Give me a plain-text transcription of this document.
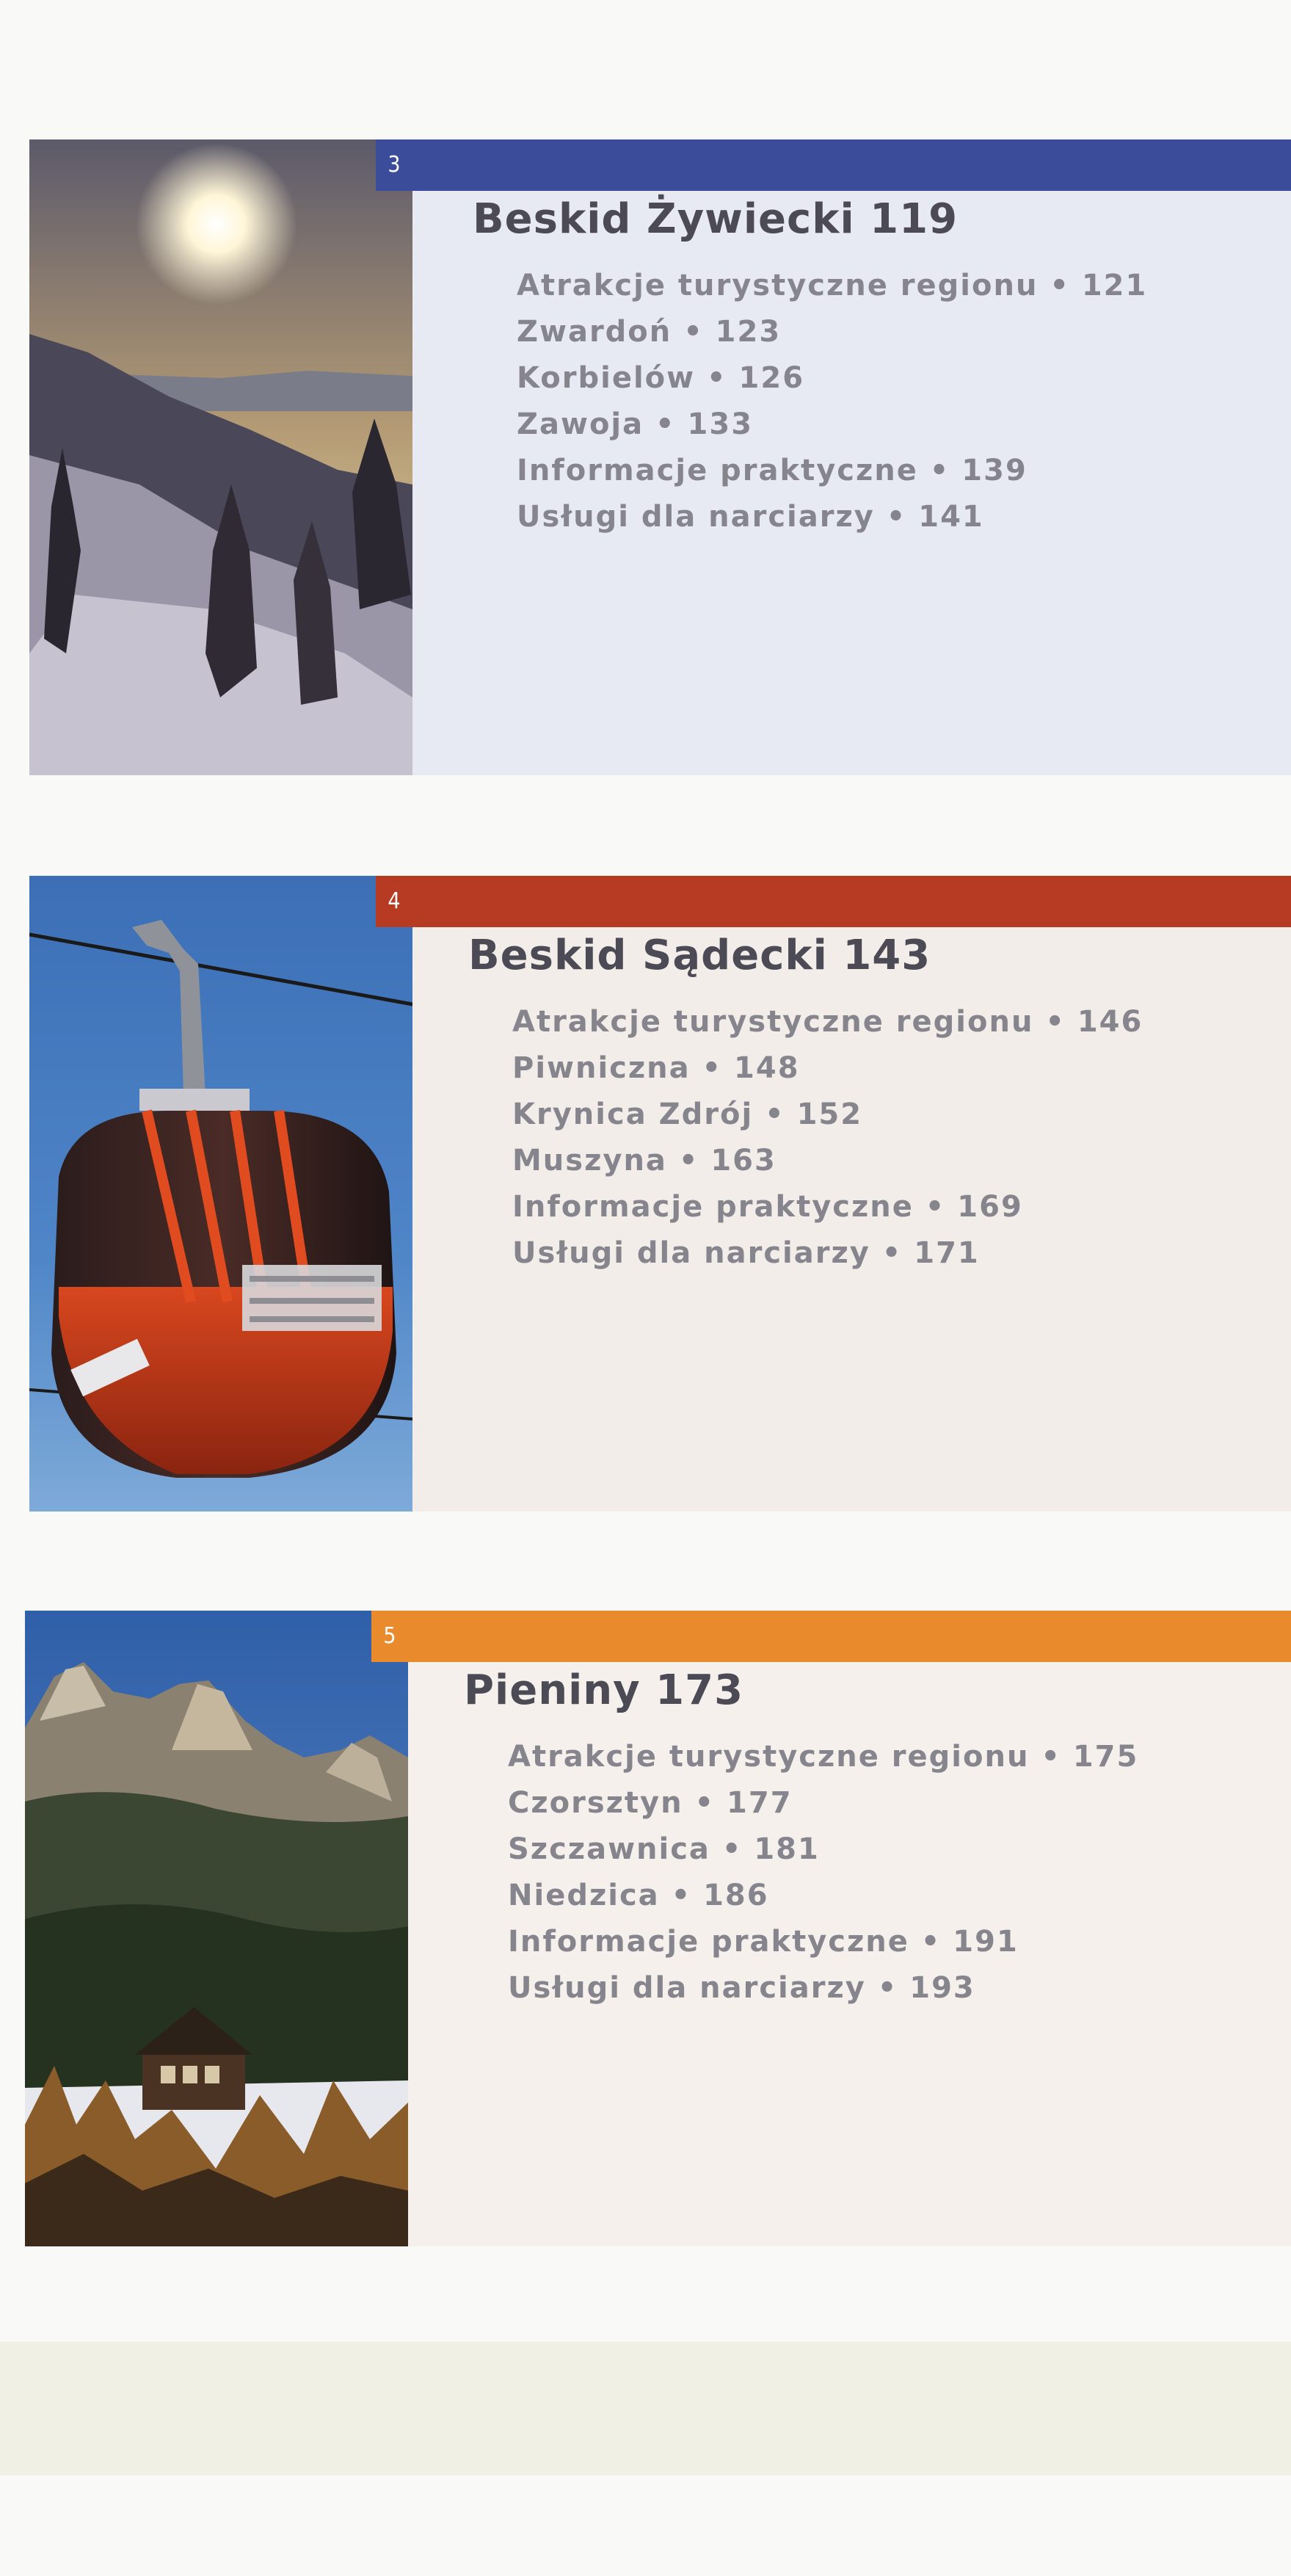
3
Beskid Żywiecki 119
Atrakcje turystyczne regionu • 121
Zwardoń • 123
Korbielów • 126
Zawoja • 133
Informacje praktyczne • 139
Usługi dla narciarzy • 141
4
Beskid Sądecki 143
Atrakcje turystyczne regionu • 146
Piwniczna • 148
Krynica Zdrój • 152
Muszyna • 163
Informacje praktyczne • 169
Usługi dla narciarzy • 171
5
Pieniny 173
Atrakcje turystyczne regionu • 175
Czorsztyn • 177
Szczawnica • 181
Niedzica • 186
Informacje praktyczne • 191
Usługi dla narciarzy • 193
